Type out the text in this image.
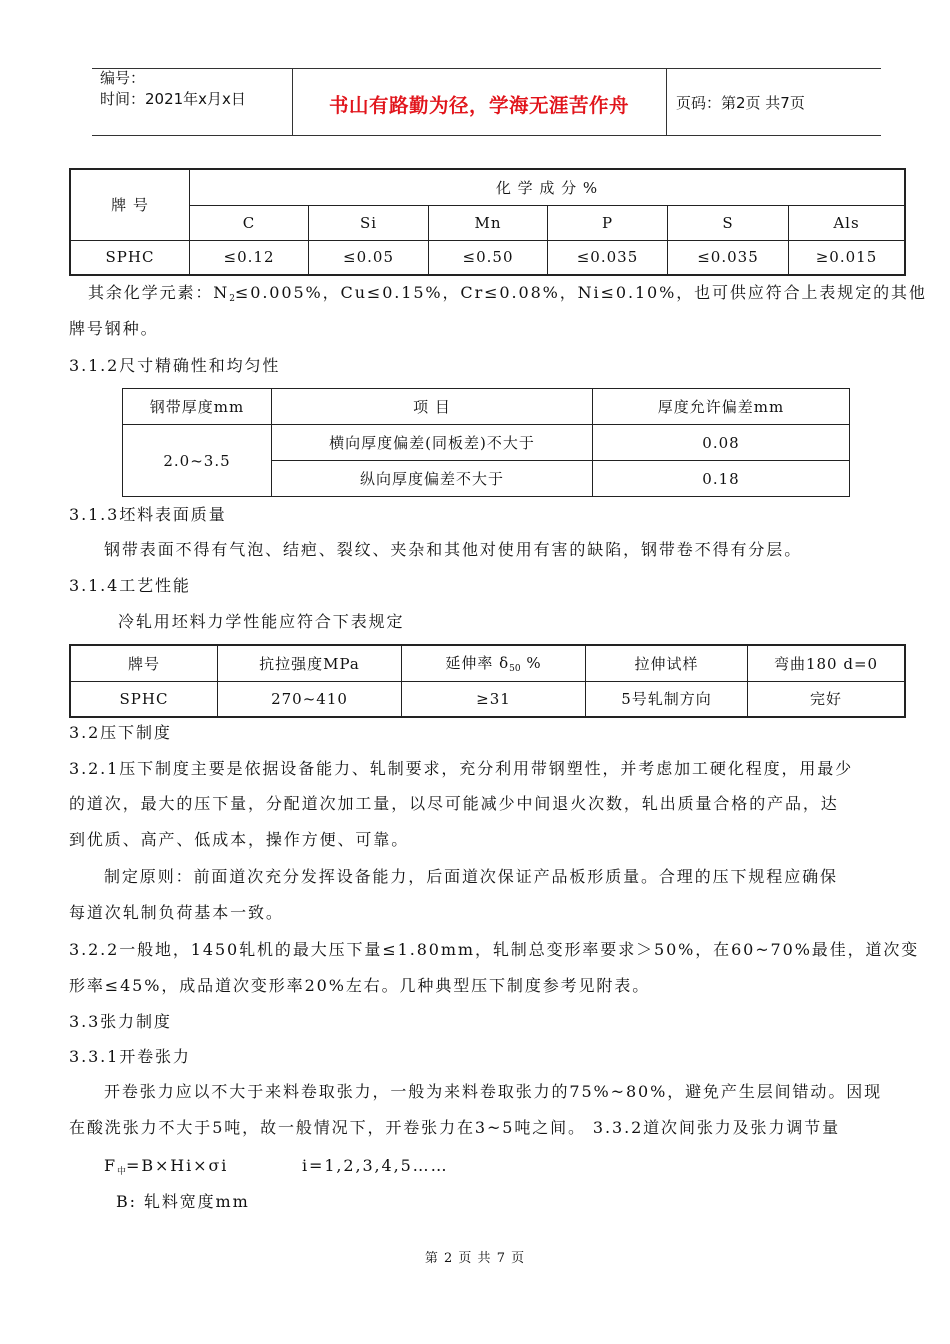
编号：
时间：2021年x月x日	书山有路勤为径，学海无涯苦作舟	页码：第2页 共7页
牌 号	化 学 成 分 %					
	C	Si	Mn	P	S	Als
SPHC	≤0.12	≤0.05	≤0.50	≤0.035	≤0.035	≥0.015
其余化学元素：$N_2\le 0.005\%$，Cu≤0.15%，Cr≤0.08%，Ni≤0.10%，也可供应符合上表规定的其他
牌号钢种。
3.1.2尺寸精确性和均匀性
钢带厚度mm	项 目	厚度允许偏差mm
2.0~3.5	横向厚度偏差(同板差)不大于	0.08
	纵向厚度偏差不大于	0.18
3.1.3坯料表面质量
钢带表面不得有气泡、结疤、裂纹、夹杂和其他对使用有害的缺陷，钢带卷不得有分层。
3.1.4工艺性能
冷轧用坯料力学性能应符合下表规定
牌号	抗拉强度MPa	延伸率 $\delta_{50}$ %	拉伸试样	弯曲180 d=0
SPHC	270~410	≥31	5号轧制方向	完好
3.2压下制度
3.2.1压下制度主要是依据设备能力、轧制要求，充分利用带钢塑性，并考虑加工硬化程度，用最少
的道次，最大的压下量，分配道次加工量，以尽可能减少中间退火次数，轧出质量合格的产品，达
到优质、高产、低成本，操作方便、可靠。
制定原则：前面道次充分发挥设备能力，后面道次保证产品板形质量。合理的压下规程应确保
每道次轧制负荷基本一致。
3.2.2一般地，1450轧机的最大压下量≤1.80mm，轧制总变形率要求＞50%，在60~70%最佳，道次变
形率≤45%，成品道次变形率20%左右。几种典型压下制度参考见附表。
3.3张力制度
3.3.1开卷张力
开卷张力应以不大于来料卷取张力，一般为来料卷取张力的75%~80%，避免产生层间错动。因现
在酸洗张力不大于5吨，故一般情况下，开卷张力在3~5吨之间。 3.3.2道次间张力及张力调节量
$F_中=B\times Hi\times\sigma i$	i=1,2,3,4,5……
B: 轧料宽度mm
第 2 页 共 7 页
